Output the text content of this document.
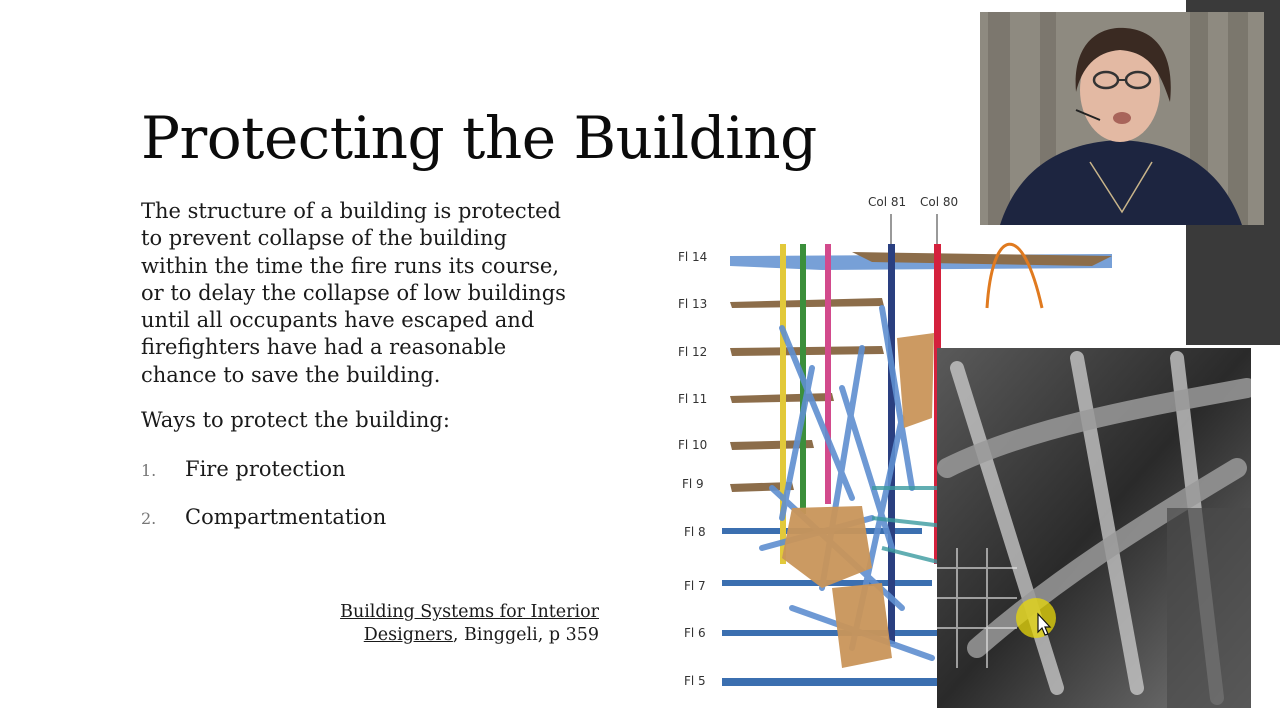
Protecting the Building
The structure of a building is protected
to prevent collapse of the building
within the time the fire runs its course,
or to delay the collapse of low buildings
until all occupants have escaped and
firefighters have had a reasonable
chance to save the building.
Ways to protect the building:
1. Fire protection
2. Compartmentation
Building Systems for Interior
Designers, Binggeli, p 359
Col 81 Col 80
Fl 14
Fl 13
Fl 12
Fl 11
Fl 10
Fl 9
Fl 8
Fl 7
Fl 6
Fl 5
